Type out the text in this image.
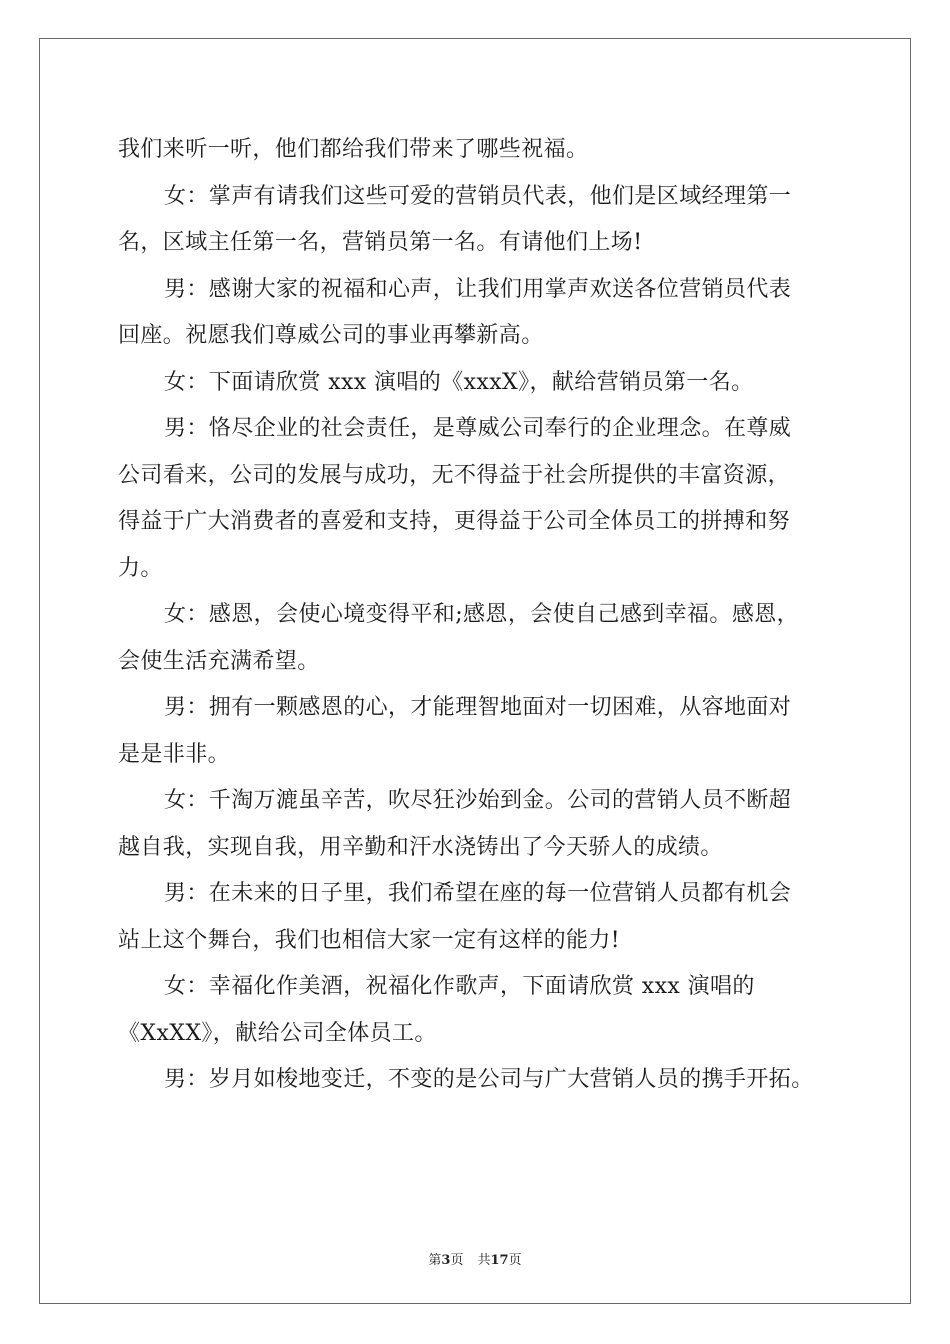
我们来听一听，他们都给我们带来了哪些祝福。

女：掌声有请我们这些可爱的营销员代表，他们是区域经理第一

名，区域主任第一名，营销员第一名。有请他们上场!

男：感谢大家的祝福和心声，让我们用掌声欢送各位营销员代表

回座。祝愿我们尊威公司的事业再攀新高。

女：下面请欣赏 xxx 演唱的《xxxX》，献给营销员第一名。

男：恪尽企业的社会责任，是尊威公司奉行的企业理念。在尊威

公司看来，公司的发展与成功，无不得益于社会所提供的丰富资源，

得益于广大消费者的喜爱和支持，更得益于公司全体员工的拼搏和努

力。

女：感恩，会使心境变得平和;感恩，会使自己感到幸福。感恩，

会使生活充满希望。

男：拥有一颗感恩的心，才能理智地面对一切困难，从容地面对

是是非非。

女：千淘万漉虽辛苦，吹尽狂沙始到金。公司的营销人员不断超

越自我，实现自我，用辛勤和汗水浇铸出了今天骄人的成绩。

男：在未来的日子里，我们希望在座的每一位营销人员都有机会

站上这个舞台，我们也相信大家一定有这样的能力!

女：幸福化作美酒，祝福化作歌声，下面请欣赏 xxx 演唱的

《XxXX》，献给公司全体员工。

男：岁月如梭地变迁，不变的是公司与广大营销人员的携手开拓。

第3页 共17页
